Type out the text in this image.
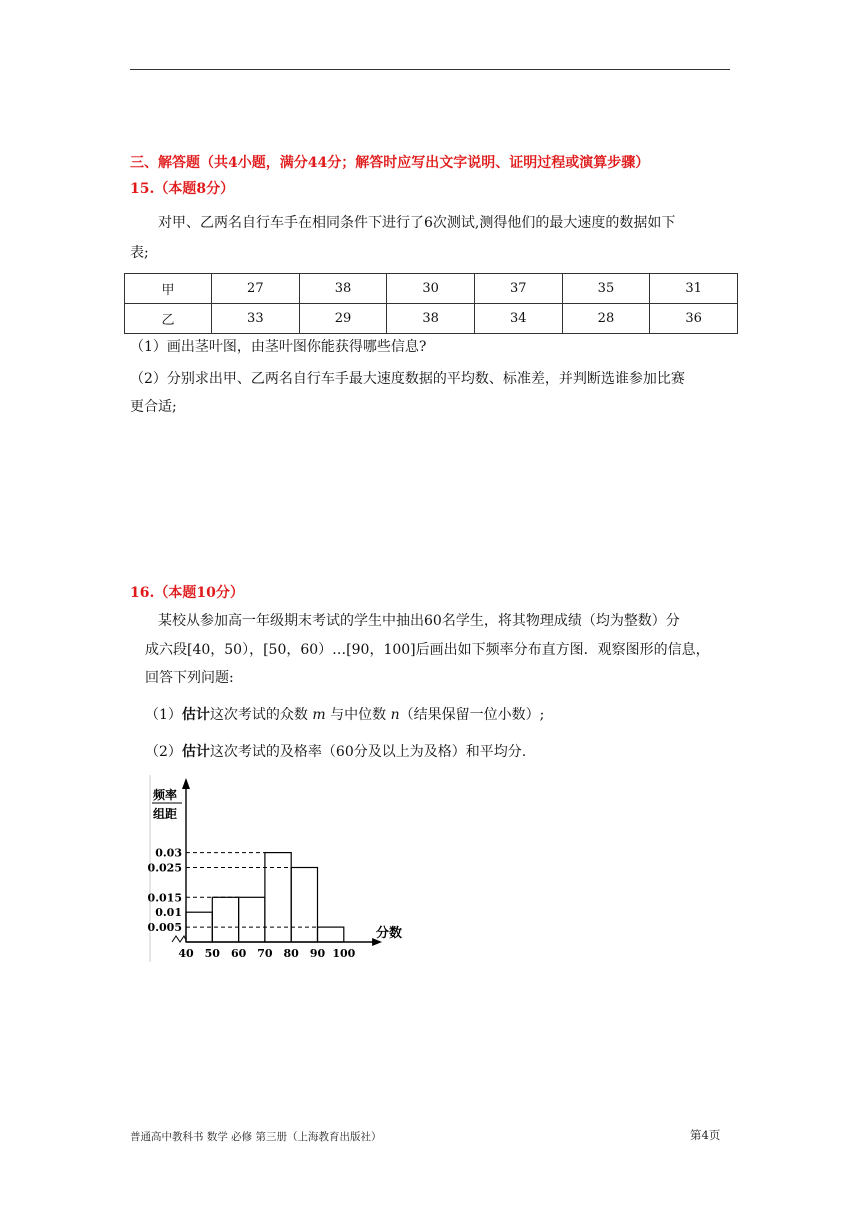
三、解答题（共4小题，满分44分；解答时应写出文字说明、证明过程或演算步骤）
15.（本题8分）
对甲、乙两名自行车手在相同条件下进行了6次测试,测得他们的最大速度的数据如下
表;
甲	27	38	30	37	35	31
乙	33	29	38	34	28	36
（1）画出茎叶图，由茎叶图你能获得哪些信息?
（2）分别求出甲、乙两名自行车手最大速度数据的平均数、标准差，并判断选谁参加比赛
更合适;
16.（本题10分）
某校从参加高一年级期末考试的学生中抽出60名学生，将其物理成绩（均为整数）分
成六段[40，50），[50，60）…[90，100]后画出如下频率分布直方图．观察图形的信息，
回答下列问题:
（1）估计这次考试的众数 m 与中位数 n（结果保留一位小数）;
（2）估计这次考试的及格率（60分及以上为及格）和平均分.
频率
组距
0.03
0.025
0.015
0.01
0.005
40 50 60 70 80 90 100
分数
普通高中教科书 数学 必修 第三册（上海教育出版社）	第4页
